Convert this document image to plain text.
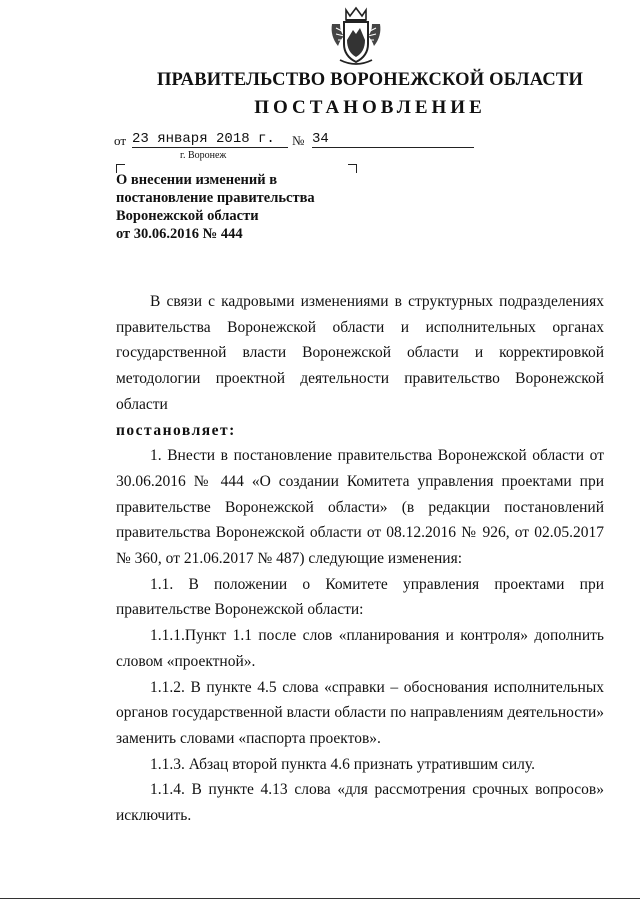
ПРАВИТЕЛЬСТВО ВОРОНЕЖСКОЙ ОБЛАСТИ
ПОСТАНОВЛЕНИЕ
от 23 января 2018 г.	№ 34
г. Воронеж
О внесении изменений в
постановление правительства
Воронежской области
от 30.06.2016 № 444

В связи с кадровыми изменениями в структурных подразделениях правительства Воронежской области и исполнительных органах государственной власти Воронежской области и корректировкой методологии проектной деятельности правительство Воронежской области

постановляет:

1. Внести в постановление правительства Воронежской области от 30.06.2016 № 444 «О создании Комитета управления проектами при правительстве Воронежской области» (в редакции постановлений правительства Воронежской области от 08.12.2016 № 926, от 02.05.2017 № 360, от 21.06.2017 № 487) следующие изменения:

1.1. В положении о Комитете управления проектами при правительстве Воронежской области:

1.1.1.Пункт 1.1 после слов «планирования и контроля» дополнить словом «проектной».

1.1.2. В пункте 4.5 слова «справки – обоснования исполнительных органов государственной власти области по направлениям деятельности» заменить словами «паспорта проектов».

1.1.3. Абзац второй пункта 4.6 признать утратившим силу.

1.1.4. В пункте 4.13 слова «для рассмотрения срочных вопросов» исключить.
